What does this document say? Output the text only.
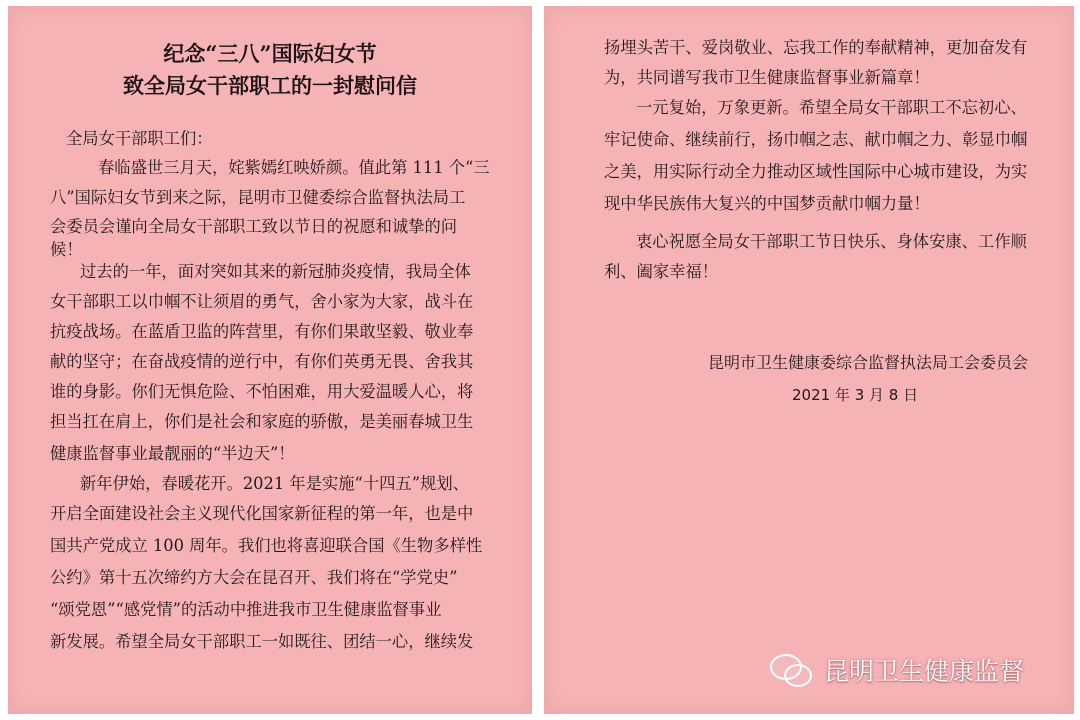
纪念“三八”国际妇女节
致全局女干部职工的一封慰问信
全局女干部职工们：
春临盛世三月天，姹紫嫣红映娇颜。值此第 111 个“三
八”国际妇女节到来之际，昆明市卫健委综合监督执法局工
会委员会谨向全局女干部职工致以节日的祝愿和诚挚的问
候！
过去的一年，面对突如其来的新冠肺炎疫情，我局全体
女干部职工以巾帼不让须眉的勇气，舍小家为大家，战斗在
抗疫战场。在蓝盾卫监的阵营里，有你们果敢坚毅、敬业奉
献的坚守；在奋战疫情的逆行中，有你们英勇无畏、舍我其
谁的身影。你们无惧危险、不怕困难，用大爱温暖人心，将
担当扛在肩上，你们是社会和家庭的骄傲，是美丽春城卫生
健康监督事业最靓丽的“半边天”！
新年伊始，春暖花开。2021 年是实施“十四五”规划、
开启全面建设社会主义现代化国家新征程的第一年，也是中
国共产党成立 100 周年。我们也将喜迎联合国《生物多样性
公约》第十五次缔约方大会在昆召开、我们将在“学党史”
“颂党恩”“感党情”的活动中推进我市卫生健康监督事业
新发展。希望全局女干部职工一如既往、团结一心，继续发
扬埋头苦干、爱岗敬业、忘我工作的奉献精神，更加奋发有
为，共同谱写我市卫生健康监督事业新篇章！
一元复始，万象更新。希望全局女干部职工不忘初心、
牢记使命、继续前行，扬巾帼之志、献巾帼之力、彰显巾帼
之美，用实际行动全力推动区域性国际中心城市建设，为实
现中华民族伟大复兴的中国梦贡献巾帼力量！
衷心祝愿全局女干部职工节日快乐、身体安康、工作顺
利、阖家幸福！
昆明市卫生健康委综合监督执法局工会委员会
2021 年 3 月 8 日
昆明卫生健康监督
